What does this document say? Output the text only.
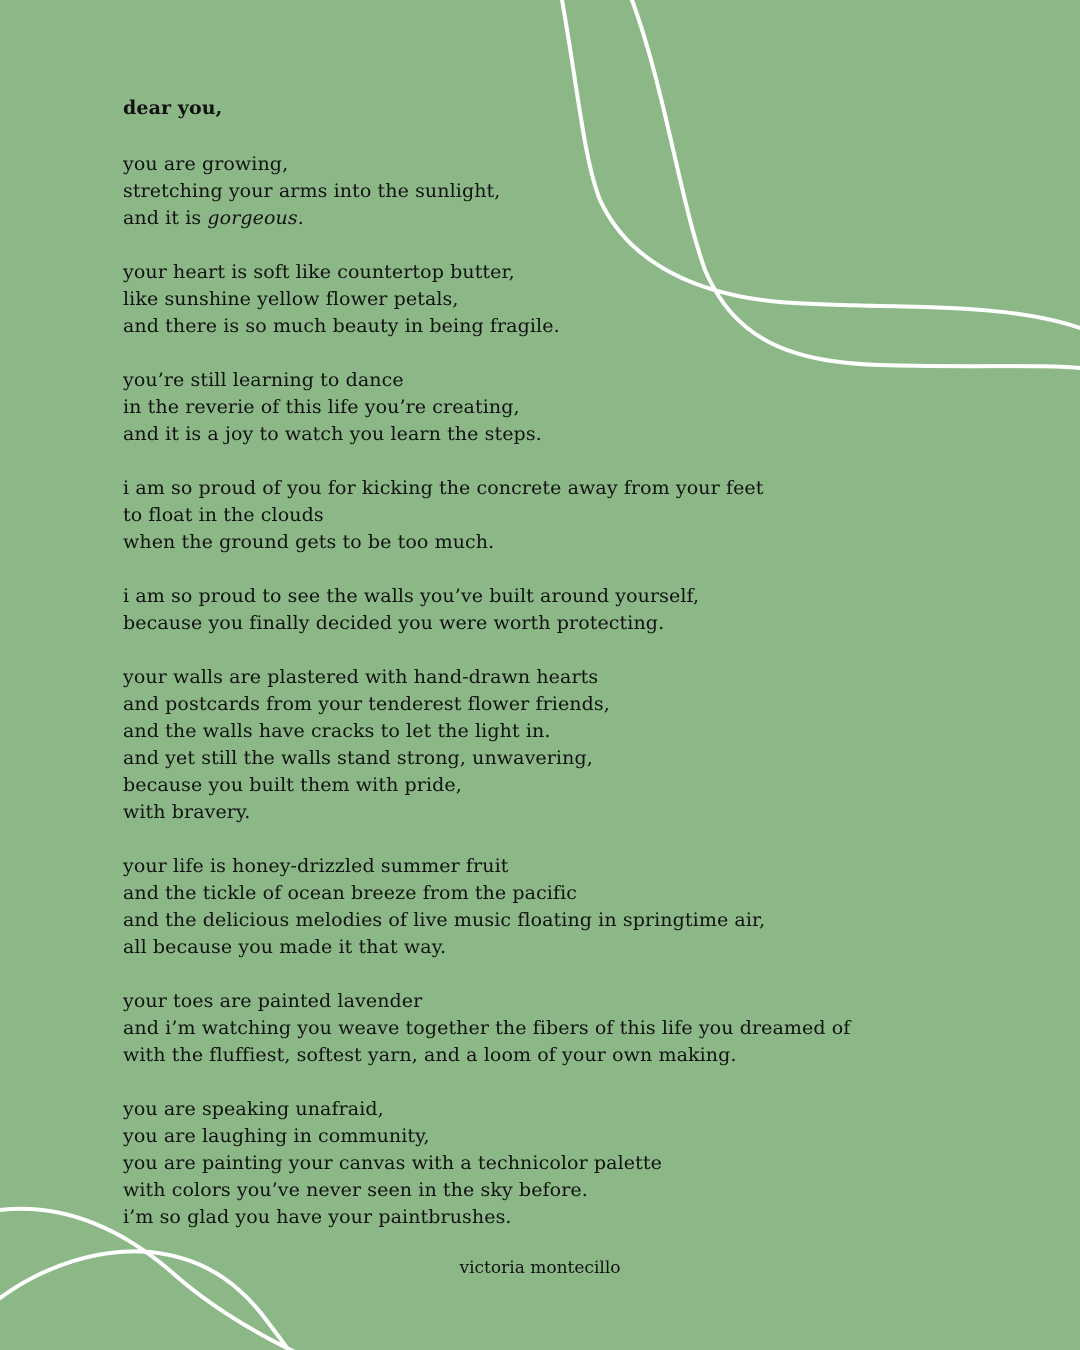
dear you,
you are growing,
stretching your arms into the sunlight,
and it is gorgeous.
your heart is soft like countertop butter,
like sunshine yellow flower petals,
and there is so much beauty in being fragile.
you’re still learning to dance
in the reverie of this life you’re creating,
and it is a joy to watch you learn the steps.
i am so proud of you for kicking the concrete away from your feet
to float in the clouds
when the ground gets to be too much.
i am so proud to see the walls you’ve built around yourself,
because you finally decided you were worth protecting.
your walls are plastered with hand-drawn hearts
and postcards from your tenderest flower friends,
and the walls have cracks to let the light in.
and yet still the walls stand strong, unwavering,
because you built them with pride,
with bravery.
your life is honey-drizzled summer fruit
and the tickle of ocean breeze from the pacific
and the delicious melodies of live music floating in springtime air,
all because you made it that way.
your toes are painted lavender
and i’m watching you weave together the fibers of this life you dreamed of
with the fluffiest, softest yarn, and a loom of your own making.
you are speaking unafraid,
you are laughing in community,
you are painting your canvas with a technicolor palette
with colors you’ve never seen in the sky before.
i’m so glad you have your paintbrushes.
victoria montecillo
